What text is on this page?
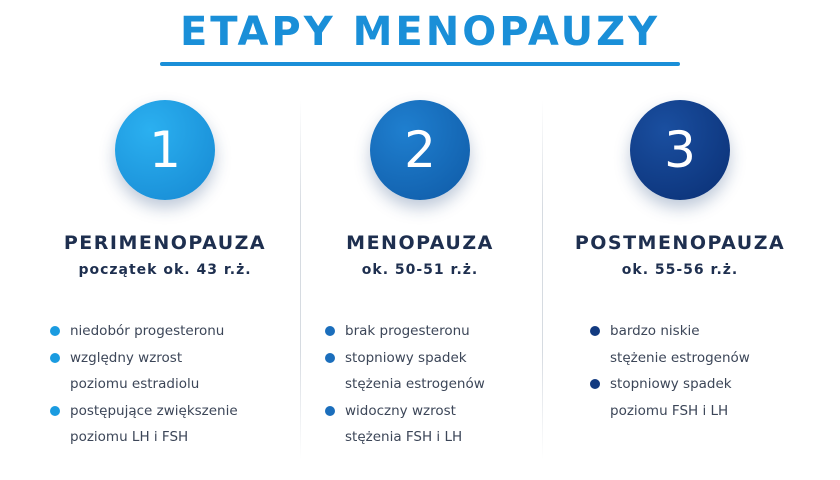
ETAPY MENOPAUZY
1
PERIMENOPAUZA
początek ok. 43 r.ż.
niedobór progesteronu
względny wzrost
poziomu estradiolu
postępujące zwiększenie
poziomu LH i FSH
2
MENOPAUZA
ok. 50-51 r.ż.
brak progesteronu
stopniowy spadek
stężenia estrogenów
widoczny wzrost
stężenia FSH i LH
3
POSTMENOPAUZA
ok. 55-56 r.ż.
bardzo niskie
stężenie estrogenów
stopniowy spadek
poziomu FSH i LH
